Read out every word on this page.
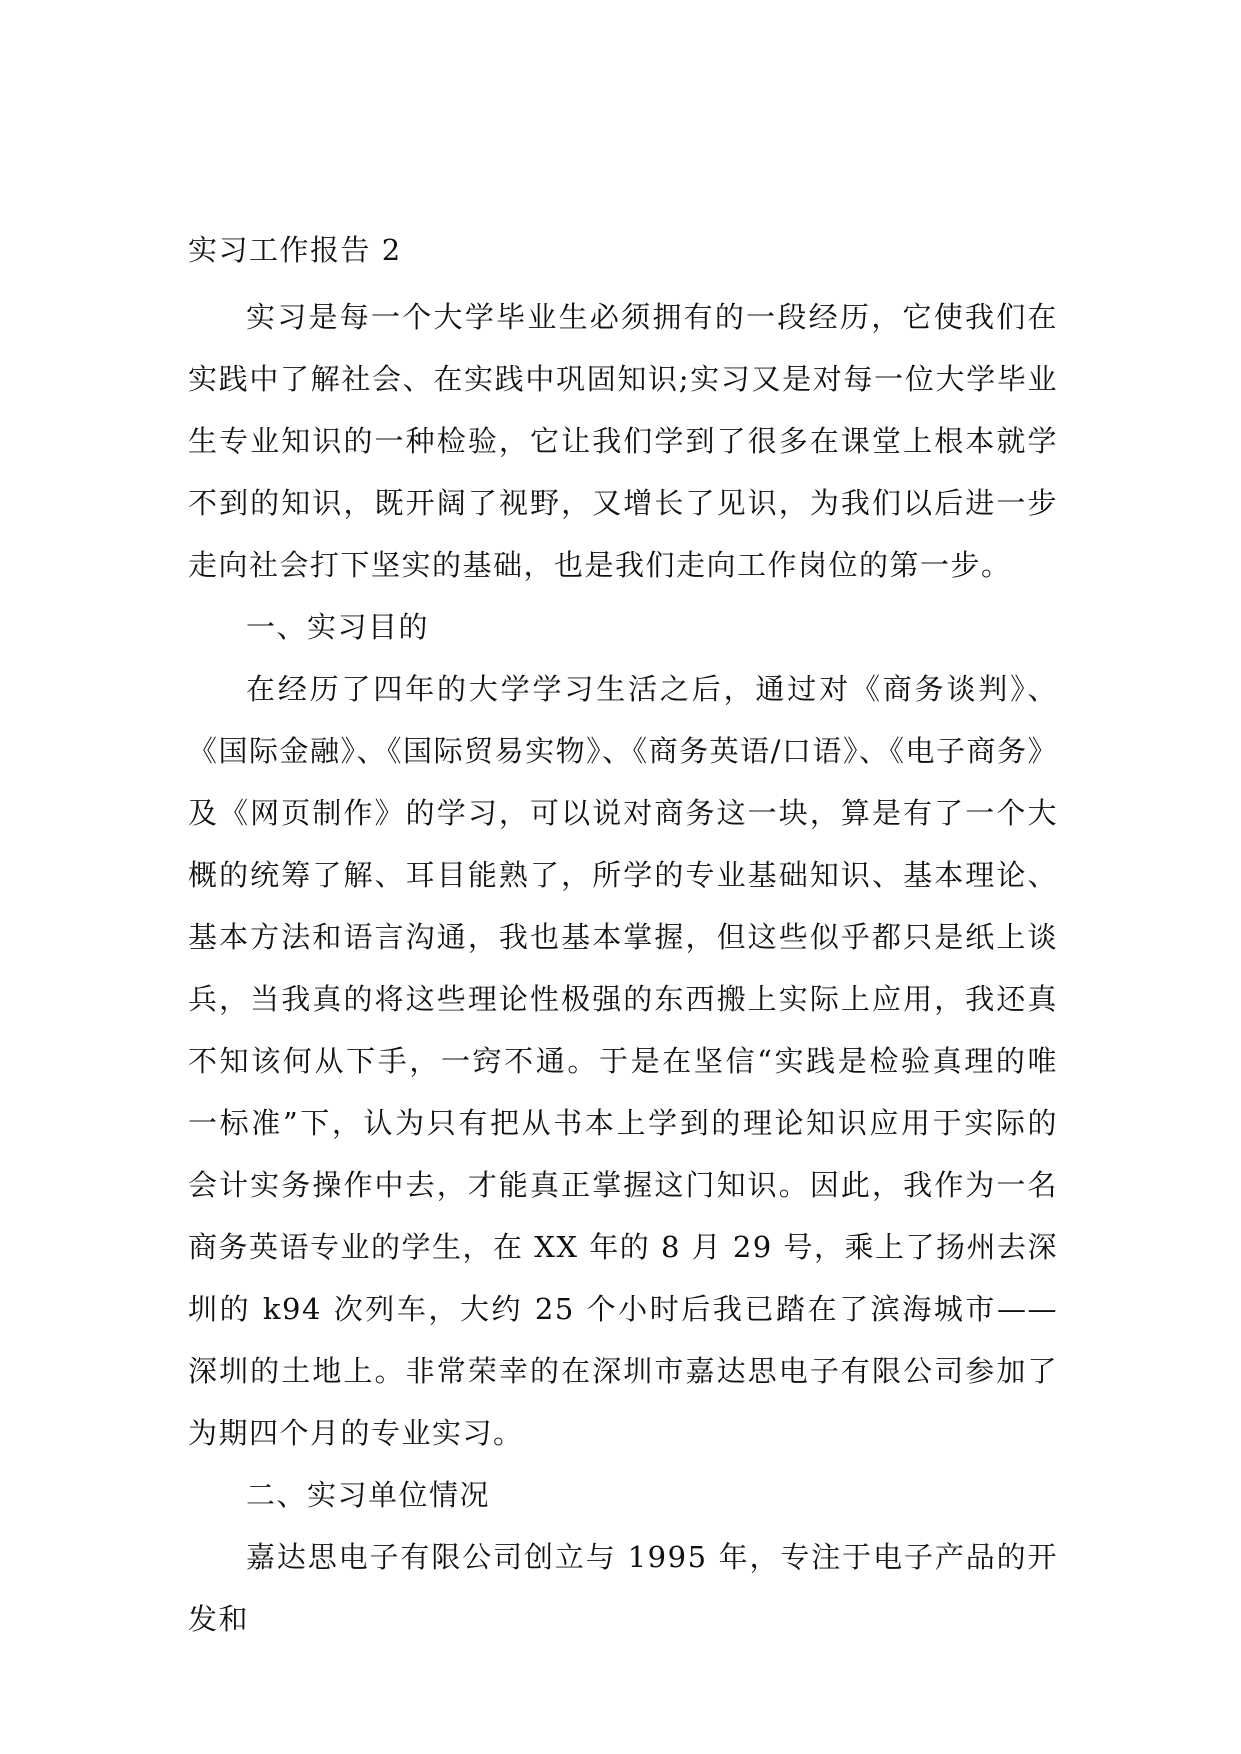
实习工作报告 2

实习是每一个大学毕业生必须拥有的一段经历，它使我们在实践中了解社会、在实践中巩固知识;实习又是对每一位大学毕业生专业知识的一种检验，它让我们学到了很多在课堂上根本就学不到的知识，既开阔了视野，又增长了见识，为我们以后进一步走向社会打下坚实的基础，也是我们走向工作岗位的第一步。

一、实习目的

在经历了四年的大学学习生活之后，通过对《商务谈判》、《国际金融》、《国际贸易实物》、《商务英语/口语》、《电子商务》及《网页制作》的学习，可以说对商务这一块，算是有了一个大概的统筹了解、耳目能熟了，所学的专业基础知识、基本理论、基本方法和语言沟通，我也基本掌握，但这些似乎都只是纸上谈兵，当我真的将这些理论性极强的东西搬上实际上应用，我还真不知该何从下手，一窍不通。于是在坚信“实践是检验真理的唯一标准”下，认为只有把从书本上学到的理论知识应用于实际的会计实务操作中去，才能真正掌握这门知识。因此，我作为一名商务英语专业的学生，在 XX 年的 8 月 29 号，乘上了扬州去深圳的 k94 次列车，大约 25 个小时后我已踏在了滨海城市——深圳的土地上。非常荣幸的在深圳市嘉达思电子有限公司参加了为期四个月的专业实习。

二、实习单位情况

嘉达思电子有限公司创立与 1995 年，专注于电子产品的开发和
